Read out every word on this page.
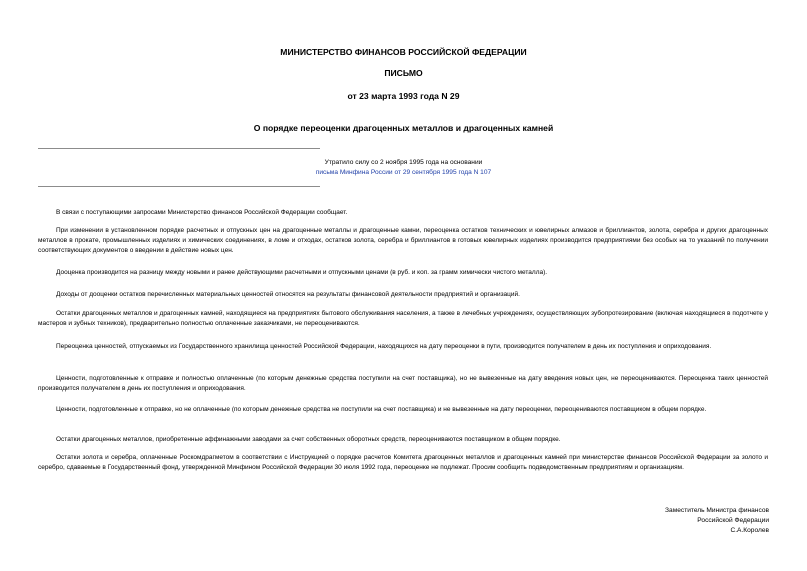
МИНИСТЕРСТВО ФИНАНСОВ РОССИЙСКОЙ ФЕДЕРАЦИИ
ПИСЬМО
от 23 марта 1993 года N 29
О порядке переоценки драгоценных металлов и драгоценных камней
Утратило силу со 2 ноября 1995 года на основании
письма Минфина России от 29 сентября 1995 года N 107

В связи с поступающими запросами Министерство финансов Российской Федерации сообщает.

При изменении в установленном порядке расчетных и отпускных цен на драгоценные металлы и драгоценные камни, переоценка остатков технических и ювелирных алмазов и бриллиантов, золота, серебра и других драгоценных металлов в прокате, промышленных изделиях и химических соединениях, в ломе и отходах, остатков золота, серебра и бриллиантов в готовых ювелирных изделиях производится предприятиями без особых на то указаний по получении соответствующих документов о введении в действие новых цен.

Дооценка производится на разницу между новыми и ранее действующими расчетными и отпускными ценами (в руб. и коп. за грамм химически чистого металла).

Доходы от дооценки остатков перечисленных материальных ценностей относятся на результаты финансовой деятельности предприятий и организаций.

Остатки драгоценных металлов и драгоценных камней, находящиеся на предприятиях бытового обслуживания населения, а также в лечебных учреждениях, осуществляющих зубопротезирование (включая находящиеся в подотчете у мастеров и зубных техников), предварительно полностью оплаченные заказчиками, не переоцениваются.

Переоценка ценностей, отпускаемых из Государственного хранилища ценностей Российской Федерации, находящихся на дату переоценки в пути, производится получателем в день их поступления и оприходования.

Ценности, подготовленные к отправке и полностью оплаченные (по которым денежные средства поступили на счет поставщика), но не вывезенные на дату введения новых цен, не переоцениваются. Переоценка таких ценностей производится получателем в день их поступления и оприходования.

Ценности, подготовленные к отправке, но не оплаченные (по которым денежные средства не поступили на счет поставщика) и не вывезенные на дату переоценки, переоцениваются поставщиком в общем порядке.

Остатки драгоценных металлов, приобретенные аффинажными заводами за счет собственных оборотных средств, переоцениваются поставщиком в общем порядке.

Остатки золота и серебра, оплаченные Роскомдрагметом в соответствии с Инструкцией о порядке расчетов Комитета драгоценных металлов и драгоценных камней при министерстве финансов Российской Федерации за золото и серебро, сдаваемые в Государственный фонд, утвержденной Минфином Российской Федерации 30 июля 1992 года, переоценке не подлежат. Просим сообщить подведомственным предприятиям и организациям.

Заместитель Министра финансов
Российской Федерации
С.А.Королев
